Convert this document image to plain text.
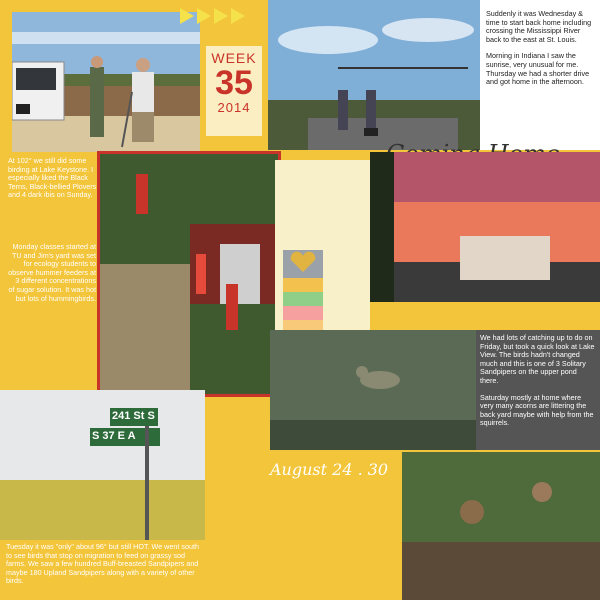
WEEK
35
2014

Suddenly it was Wednesday & time to start back home including crossing the Mississippi River back to the east at St. Louis.

Morning in Indiana I saw the sunrise, very unusual for me. Thursday we had a shorter drive and got home in the afternoon.

At 102° we still did some birding at Lake Keystone. I especially liked the Black Terns, Black-bellied Plovers and 4 dark ibis on Sunday.
Monday classes started at TU and Jim's yard was set for ecology students to observe hummer feeders at 3 different concentrations of sugar solution. It was hot but lots of hummingbirds.

We had lots of catching up to do on Friday, but took a quick look at Lake View. The birds hadn't changed much and this is one of 3 Solitary Sandpipers on the upper pond there.

Saturday mostly at home where very many acorns are littering the back yard maybe with help from the squirrels.

August 24 . 30
241 St S
S 37 E A
Tuesday it was "only" about 96° but still HOT. We went south to see birds that stop on migration to feed on grassy sod farms. We saw a few hundred Buff-breasted Sandpipers and maybe 180 Upland Sandpipers along with a variety of other birds.
